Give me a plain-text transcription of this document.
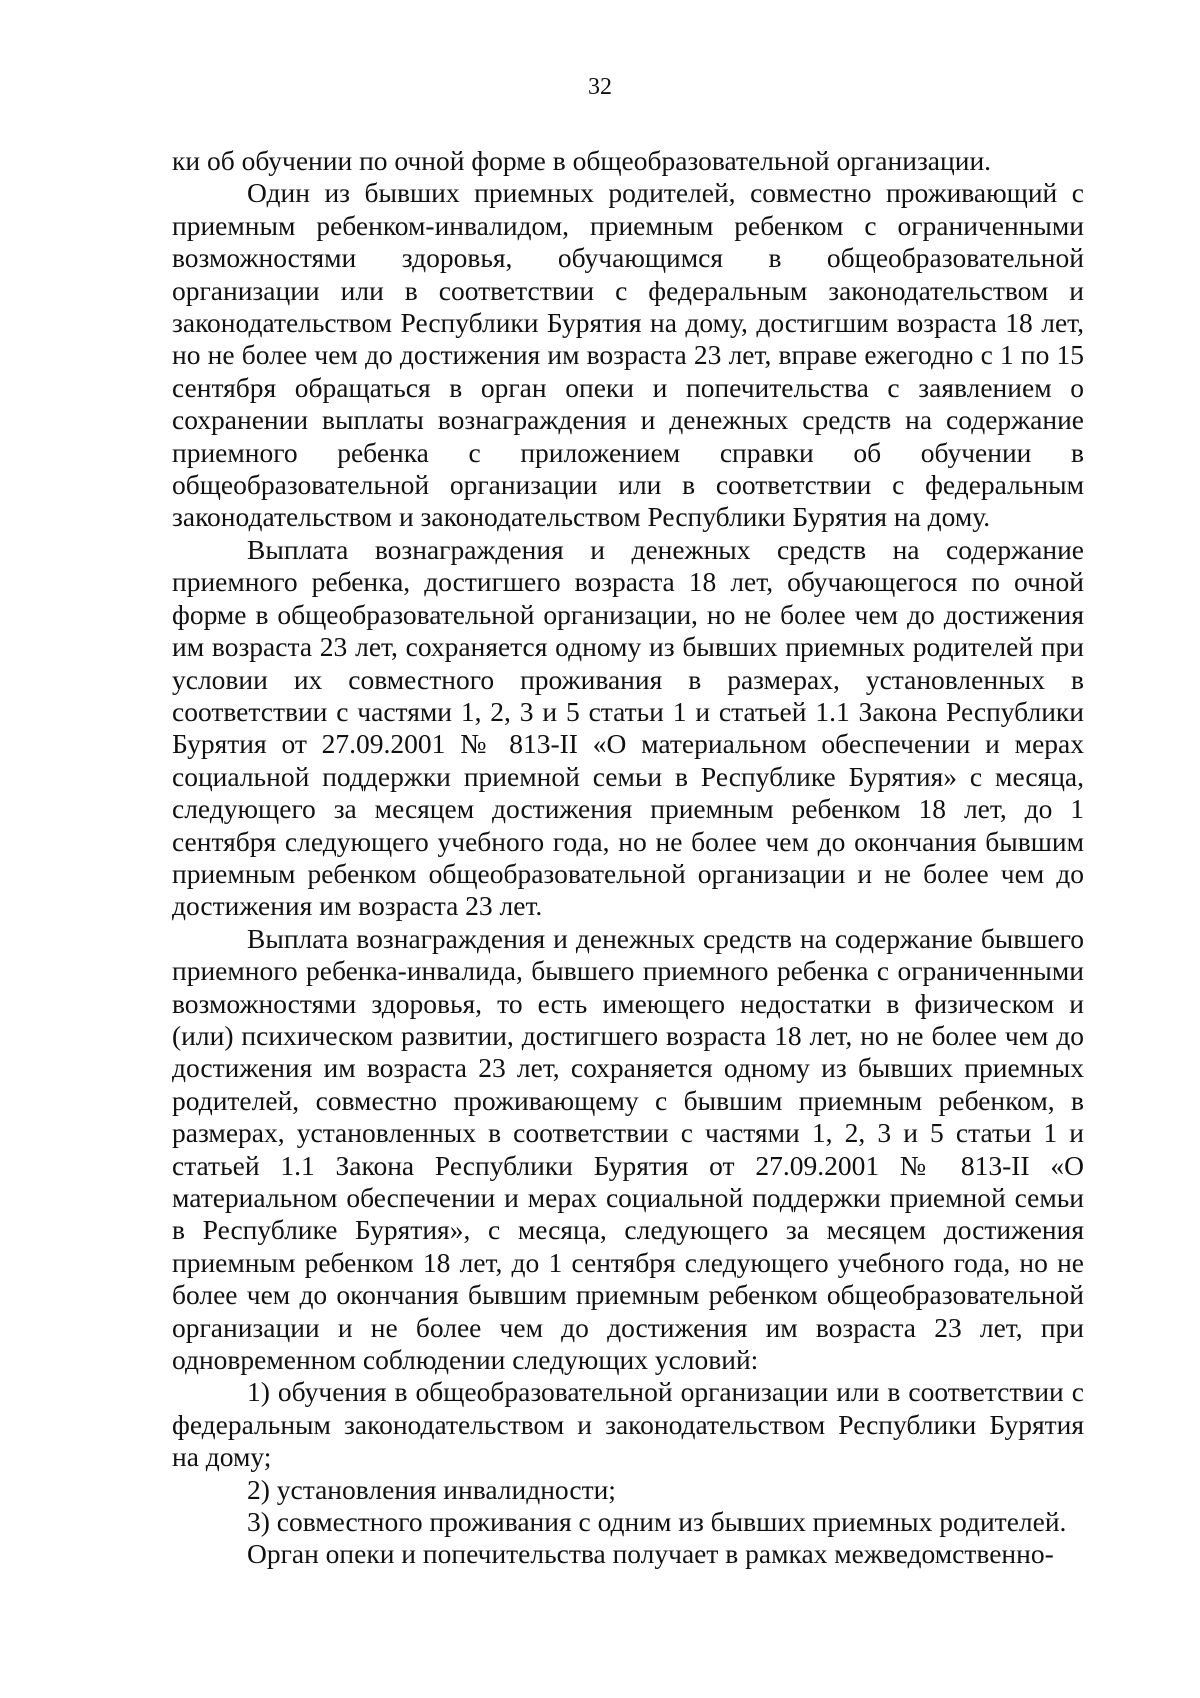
32

ки об обучении по очной форме в общеобразовательной организации.

Один из бывших приемных родителей, совместно проживающий с приемным ребенком-инвалидом, приемным ребенком с ограниченными возможностями здоровья, обучающимся в общеобразовательной организации или в соответствии с федеральным законодательством и законодательством Республики Бурятия на дому, достигшим возраста 18 лет, но не более чем до достижения им возраста 23 лет, вправе ежегодно с 1 по 15 сентября обращаться в орган опеки и попечительства с заявлением о сохранении выплаты вознаграждения и денежных средств на содержание приемного ребенка с приложением справки об обучении в общеобразовательной организации или в соответствии с федеральным законодательством и законодательством Республики Бурятия на дому.

Выплата вознаграждения и денежных средств на содержание приемного ребенка, достигшего возраста 18 лет, обучающегося по очной форме в общеобразовательной организации, но не более чем до достижения им возраста 23 лет, сохраняется одному из бывших приемных родителей при условии их совместного проживания в размерах, установленных в соответствии с частями 1, 2, 3 и 5 статьи 1 и статьей 1.1 Закона Республики Бурятия от 27.09.2001 № 813-II «О материальном обеспечении и мерах социальной поддержки приемной семьи в Республике Бурятия» с месяца, следующего за месяцем достижения приемным ребенком 18 лет, до 1 сентября следующего учебного года, но не более чем до окончания бывшим приемным ребенком общеобразовательной организации и не более чем до достижения им возраста 23 лет.

Выплата вознаграждения и денежных средств на содержание бывшего приемного ребенка-инвалида, бывшего приемного ребенка с ограниченными возможностями здоровья, то есть имеющего недостатки в физическом и (или) психическом развитии, достигшего возраста 18 лет, но не более чем до достижения им возраста 23 лет, сохраняется одному из бывших приемных родителей, совместно проживающему с бывшим приемным ребенком, в размерах, установленных в соответствии с частями 1, 2, 3 и 5 статьи 1 и статьей 1.1 Закона Республики Бурятия от 27.09.2001 № 813-II «О материальном обеспечении и мерах социальной поддержки приемной семьи в Республике Бурятия», с месяца, следующего за месяцем достижения приемным ребенком 18 лет, до 1 сентября следующего учебного года, но не более чем до окончания бывшим приемным ребенком общеобразовательной организации и не более чем до достижения им возраста 23 лет, при одновременном соблюдении следующих условий:

1) обучения в общеобразовательной организации или в соответствии с федеральным законодательством и законодательством Республики Бурятия на дому;

2) установления инвалидности;

3) совместного проживания с одним из бывших приемных родителей.

Орган опеки и попечительства получает в рамках межведомственно-
